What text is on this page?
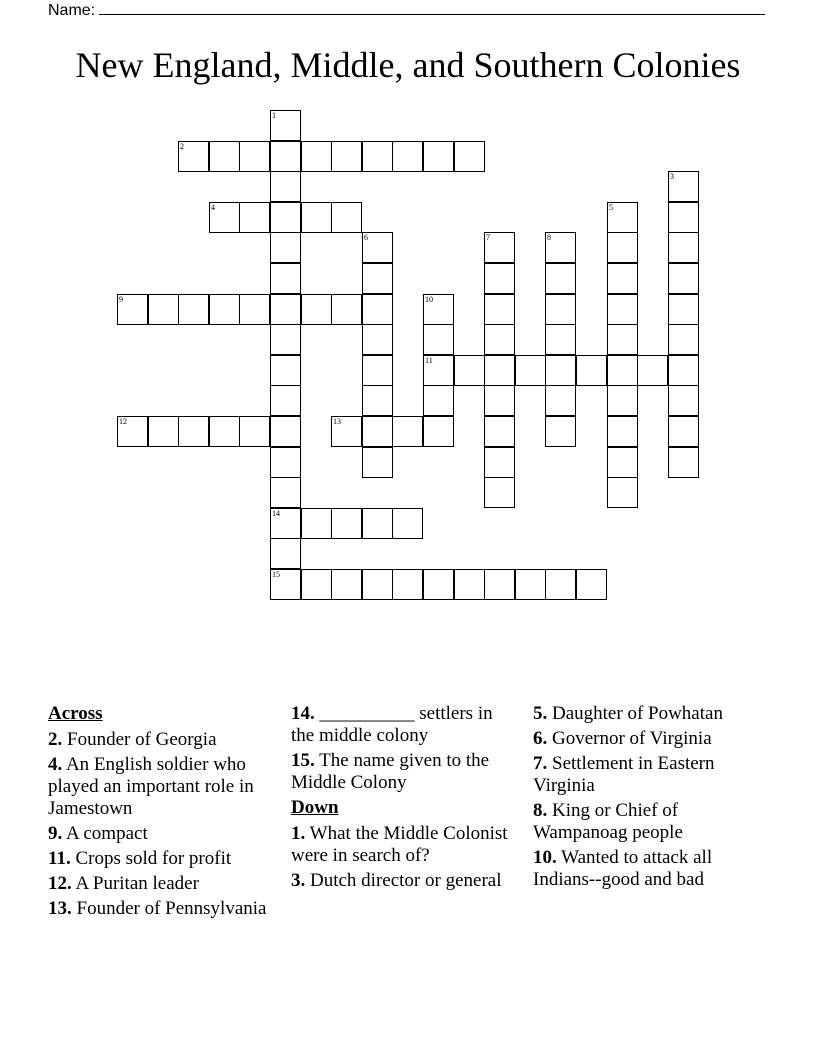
Name:
New England, Middle, and Southern Colonies
1
14
15
2
4
3
5
6	7	8
9	10
11
12	13
Across
2. Founder of Georgia
4. An English soldier who played an important role in Jamestown
9. A compact
11. Crops sold for profit
12. A Puritan leader
13. Founder of Pennsylvania
14. __________ settlers in the middle colony
15. The name given to the Middle Colony
Down
1. What the Middle Colonist were in search of?
3. Dutch director or general
5. Daughter of Powhatan
6. Governor of Virginia
7. Settlement in Eastern Virginia
8. King or Chief of Wampanoag people
10. Wanted to attack all Indians--good and bad
